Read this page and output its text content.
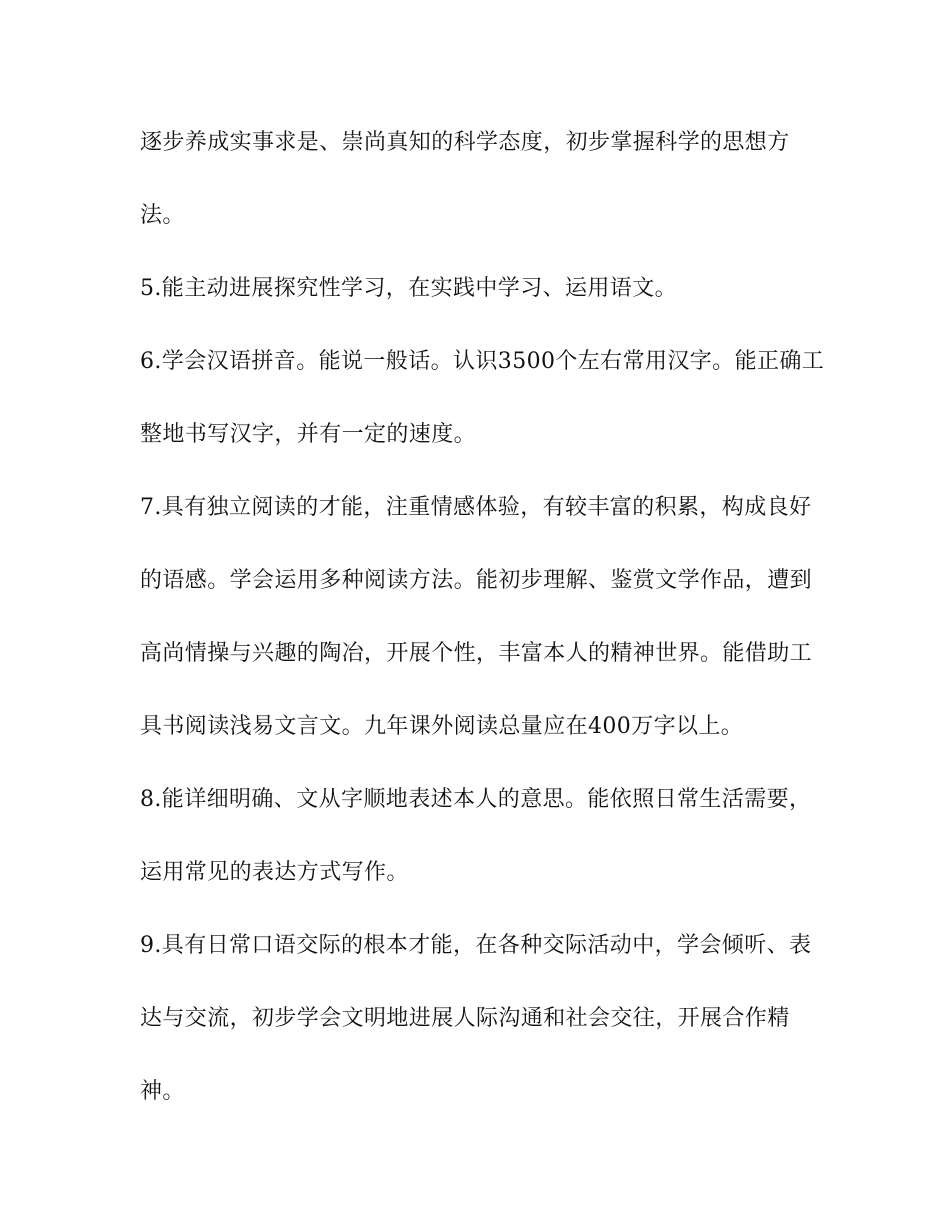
逐步养成实事求是、崇尚真知的科学态度，初步掌握科学的思想方

法。

5.能主动进展探究性学习，在实践中学习、运用语文。

6.学会汉语拼音。能说一般话。认识3500个左右常用汉字。能正确工

整地书写汉字，并有一定的速度。

7.具有独立阅读的才能，注重情感体验，有较丰富的积累，构成良好

的语感。学会运用多种阅读方法。能初步理解、鉴赏文学作品，遭到

高尚情操与兴趣的陶冶，开展个性，丰富本人的精神世界。能借助工

具书阅读浅易文言文。九年课外阅读总量应在400万字以上。

8.能详细明确、文从字顺地表述本人的意思。能依照日常生活需要，

运用常见的表达方式写作。

9.具有日常口语交际的根本才能，在各种交际活动中，学会倾听、表

达与交流，初步学会文明地进展人际沟通和社会交往，开展合作精

神。
